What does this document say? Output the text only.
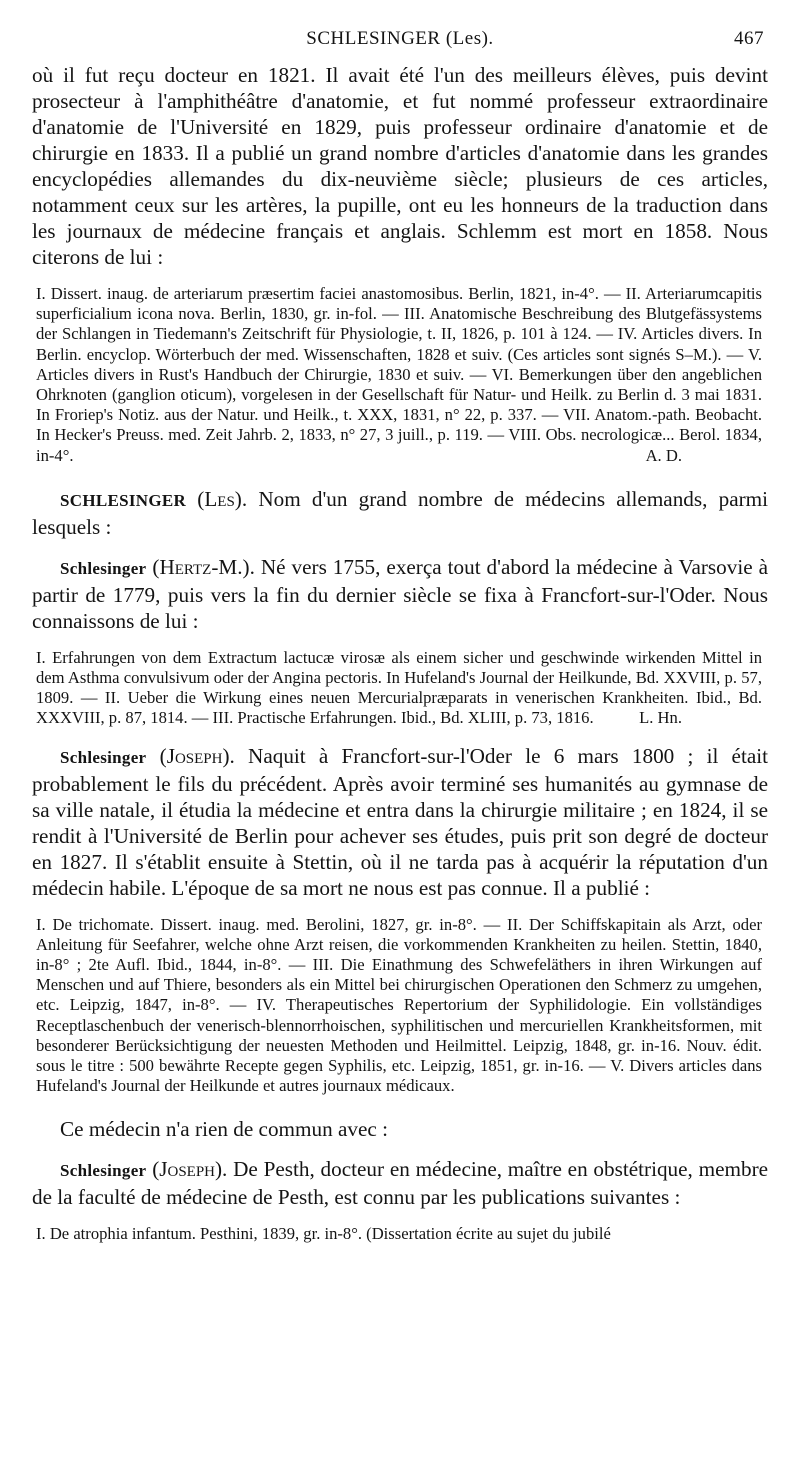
SCHLESINGER (Les).	467

où il fut reçu docteur en 1821. Il avait été l'un des meilleurs élèves, puis devint prosecteur à l'amphithéâtre d'anatomie, et fut nommé professeur extraordinaire d'anatomie de l'Université en 1829, puis professeur ordinaire d'anatomie et de chirurgie en 1833. Il a publié un grand nombre d'articles d'anatomie dans les grandes encyclopédies allemandes du dix-neuvième siècle; plusieurs de ces articles, notamment ceux sur les artères, la pupille, ont eu les honneurs de la traduction dans les journaux de médecine français et anglais. Schlemm est mort en 1858. Nous citerons de lui :

I. Dissert. inaug. de arteriarum præsertim faciei anastomosibus. Berlin, 1821, in-4°. — II. Arteriarumcapitis superficialium icona nova. Berlin, 1830, gr. in-fol. — III. Anatomische Beschreibung des Blutgefässystems der Schlangen in Tiedemann's Zeitschrift für Physiologie, t. II, 1826, p. 101 à 124. — IV. Articles divers. In Berlin. encyclop. Wörterbuch der med. Wissenschaften, 1828 et suiv. (Ces articles sont signés S–M.). — V. Articles divers in Rust's Handbuch der Chirurgie, 1830 et suiv. — VI. Bemerkungen über den angeblichen Ohrknoten (ganglion oticum), vorgelesen in der Gesellschaft für Natur- und Heilk. zu Berlin d. 3 mai 1831. In Froriep's Notiz. aus der Natur. und Heilk., t. XXX, 1831, n° 22, p. 337. — VII. Anatom.-path. Beobacht. In Hecker's Preuss. med. Zeit Jahrb. 2, 1833, n° 27, 3 juill., p. 119. — VIII. Obs. necrologicæ... Berol. 1834, in-4°.	A. D.

SCHLESINGER (Les). Nom d'un grand nombre de médecins allemands, parmi lesquels :

Schlesinger (Hertz-M.). Né vers 1755, exerça tout d'abord la médecine à Varsovie à partir de 1779, puis vers la fin du dernier siècle se fixa à Francfort-sur-l'Oder. Nous connaissons de lui :

I. Erfahrungen von dem Extractum lactucæ virosæ als einem sicher und geschwinde wirkenden Mittel in dem Asthma convulsivum oder der Angina pectoris. In Hufeland's Journal der Heilkunde, Bd. XXVIII, p. 57, 1809. — II. Ueber die Wirkung eines neuen Mercurialpræparats in venerischen Krankheiten. Ibid., Bd. XXXVIII, p. 87, 1814. — III. Practische Erfahrungen. Ibid., Bd. XLIII, p. 73, 1816.	L. Hn.

Schlesinger (Joseph). Naquit à Francfort-sur-l'Oder le 6 mars 1800 ; il était probablement le fils du précédent. Après avoir terminé ses humanités au gymnase de sa ville natale, il étudia la médecine et entra dans la chirurgie militaire ; en 1824, il se rendit à l'Université de Berlin pour achever ses études, puis prit son degré de docteur en 1827. Il s'établit ensuite à Stettin, où il ne tarda pas à acquérir la réputation d'un médecin habile. L'époque de sa mort ne nous est pas connue. Il a publié :

I. De trichomate. Dissert. inaug. med. Berolini, 1827, gr. in-8°. — II. Der Schiffskapitain als Arzt, oder Anleitung für Seefahrer, welche ohne Arzt reisen, die vorkommenden Krankheiten zu heilen. Stettin, 1840, in-8° ; 2te Aufl. Ibid., 1844, in-8°. — III. Die Einathmung des Schwefeläthers in ihren Wirkungen auf Menschen und auf Thiere, besonders als ein Mittel bei chirurgischen Operationen den Schmerz zu umgehen, etc. Leipzig, 1847, in-8°. — IV. Therapeutisches Repertorium der Syphilidologie. Ein vollständiges Receptlaschenbuch der venerisch-blennorrhoischen, syphilitischen und mercuriellen Krankheitsformen, mit besonderer Berücksichtigung der neuesten Methoden und Heilmittel. Leipzig, 1848, gr. in-16. Nouv. édit. sous le titre : 500 bewährte Recepte gegen Syphilis, etc. Leipzig, 1851, gr. in-16. — V. Divers articles dans Hufeland's Journal der Heilkunde et autres journaux médicaux.

Ce médecin n'a rien de commun avec :

Schlesinger (Joseph). De Pesth, docteur en médecine, maître en obstétrique, membre de la faculté de médecine de Pesth, est connu par les publications suivantes :

I. De atrophia infantum. Pesthini, 1839, gr. in-8°. (Dissertation écrite au sujet du jubilé
